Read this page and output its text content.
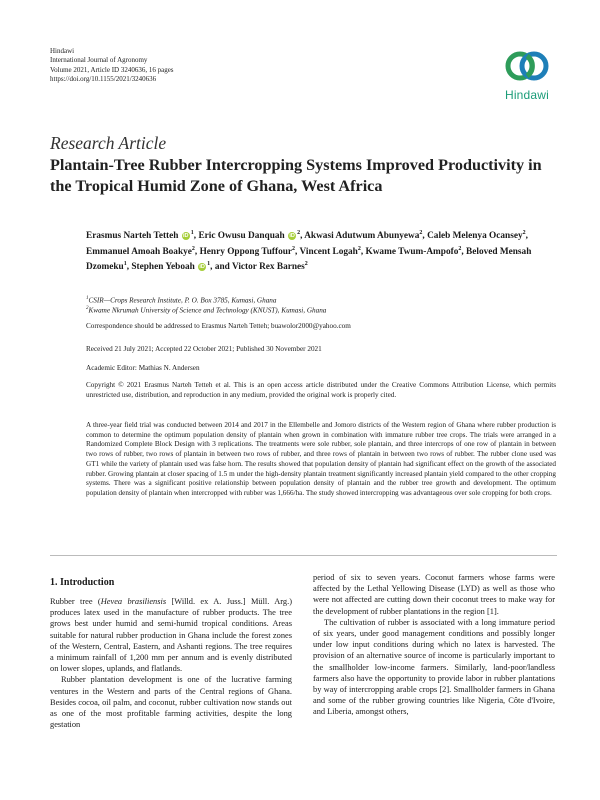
Hindawi
International Journal of Agronomy
Volume 2021, Article ID 3240636, 16 pages
https://doi.org/10.1155/2021/3240636
Hindawi
Research Article
Plantain-Tree Rubber Intercropping Systems Improved Productivity in the Tropical Humid Zone of Ghana, West Africa
Erasmus Narteh Tetteh iD $^1$, Eric Owusu Danquah iD $^2$, Akwasi Adutwum Abunyewa$^2$, Caleb Melenya Ocansey$^2$, Emmanuel Amoah Boakye$^2$, Henry Oppong Tuffour$^2$, Vincent Logah$^2$, Kwame Twum-Ampofo$^2$, Beloved Mensah Dzomeku$^1$, Stephen Yeboah iD $^1$, and Victor Rex Barnes$^2$
$^1$CSIR—Crops Research Institute, P. O. Box 3785, Kumasi, Ghana
$^2$Kwame Nkrumah University of Science and Technology (KNUST), Kumasi, Ghana
Correspondence should be addressed to Erasmus Narteh Tetteh; buawolor2000@yahoo.com
Received 21 July 2021; Accepted 22 October 2021; Published 30 November 2021
Academic Editor: Mathias N. Andersen
Copyright © 2021 Erasmus Narteh Tetteh et al. This is an open access article distributed under the Creative Commons Attribution License, which permits unrestricted use, distribution, and reproduction in any medium, provided the original work is properly cited.
A three-year field trial was conducted between 2014 and 2017 in the Ellembelle and Jomoro districts of the Western region of Ghana where rubber production is common to determine the optimum population density of plantain when grown in combination with immature rubber tree crops. The trials were arranged in a Randomized Complete Block Design with 3 replications. The treatments were sole rubber, sole plantain, and three intercrops of one row of plantain in between two rows of rubber, two rows of plantain in between two rows of rubber, and three rows of plantain in between two rows of rubber. The rubber clone used was GT1 while the variety of plantain used was false horn. The results showed that population density of plantain had significant effect on the growth of the associated rubber. Growing plantain at closer spacing of 1.5 m under the high-density plantain treatment significantly increased plantain yield compared to the other cropping systems. There was a significant positive relationship between population density of plantain and the rubber tree growth and development. The optimum population density of plantain when intercropped with rubber was 1,666/ha. The study showed intercropping was advantageous over sole cropping for both crops.
1. Introduction

Rubber tree (Hevea brasiliensis [Willd. ex A. Juss.] Müll. Arg.) produces latex used in the manufacture of rubber products. The tree grows best under humid and semi-humid tropical conditions. Areas suitable for natural rubber production in Ghana include the forest zones of the Western, Central, Eastern, and Ashanti regions. The tree requires a minimum rainfall of 1,200 mm per annum and is evenly distributed on lower slopes, uplands, and flatlands.

Rubber plantation development is one of the lucrative farming ventures in the Western and parts of the Central regions of Ghana. Besides cocoa, oil palm, and coconut, rubber cultivation now stands out as one of the most profitable farming activities, despite the long gestation

period of six to seven years. Coconut farmers whose farms were affected by the Lethal Yellowing Disease (LYD) as well as those who were not affected are cutting down their coconut trees to make way for the development of rubber plantations in the region [1].

The cultivation of rubber is associated with a long immature period of six years, under good management conditions and possibly longer under low input conditions during which no latex is harvested. The provision of an alternative source of income is particularly important to the smallholder low-income farmers. Similarly, land-poor/landless farmers also have the opportunity to provide labor in rubber plantations by way of intercropping arable crops [2]. Smallholder farmers in Ghana and some of the rubber growing countries like Nigeria, Côte d'Ivoire, and Liberia, amongst others,
